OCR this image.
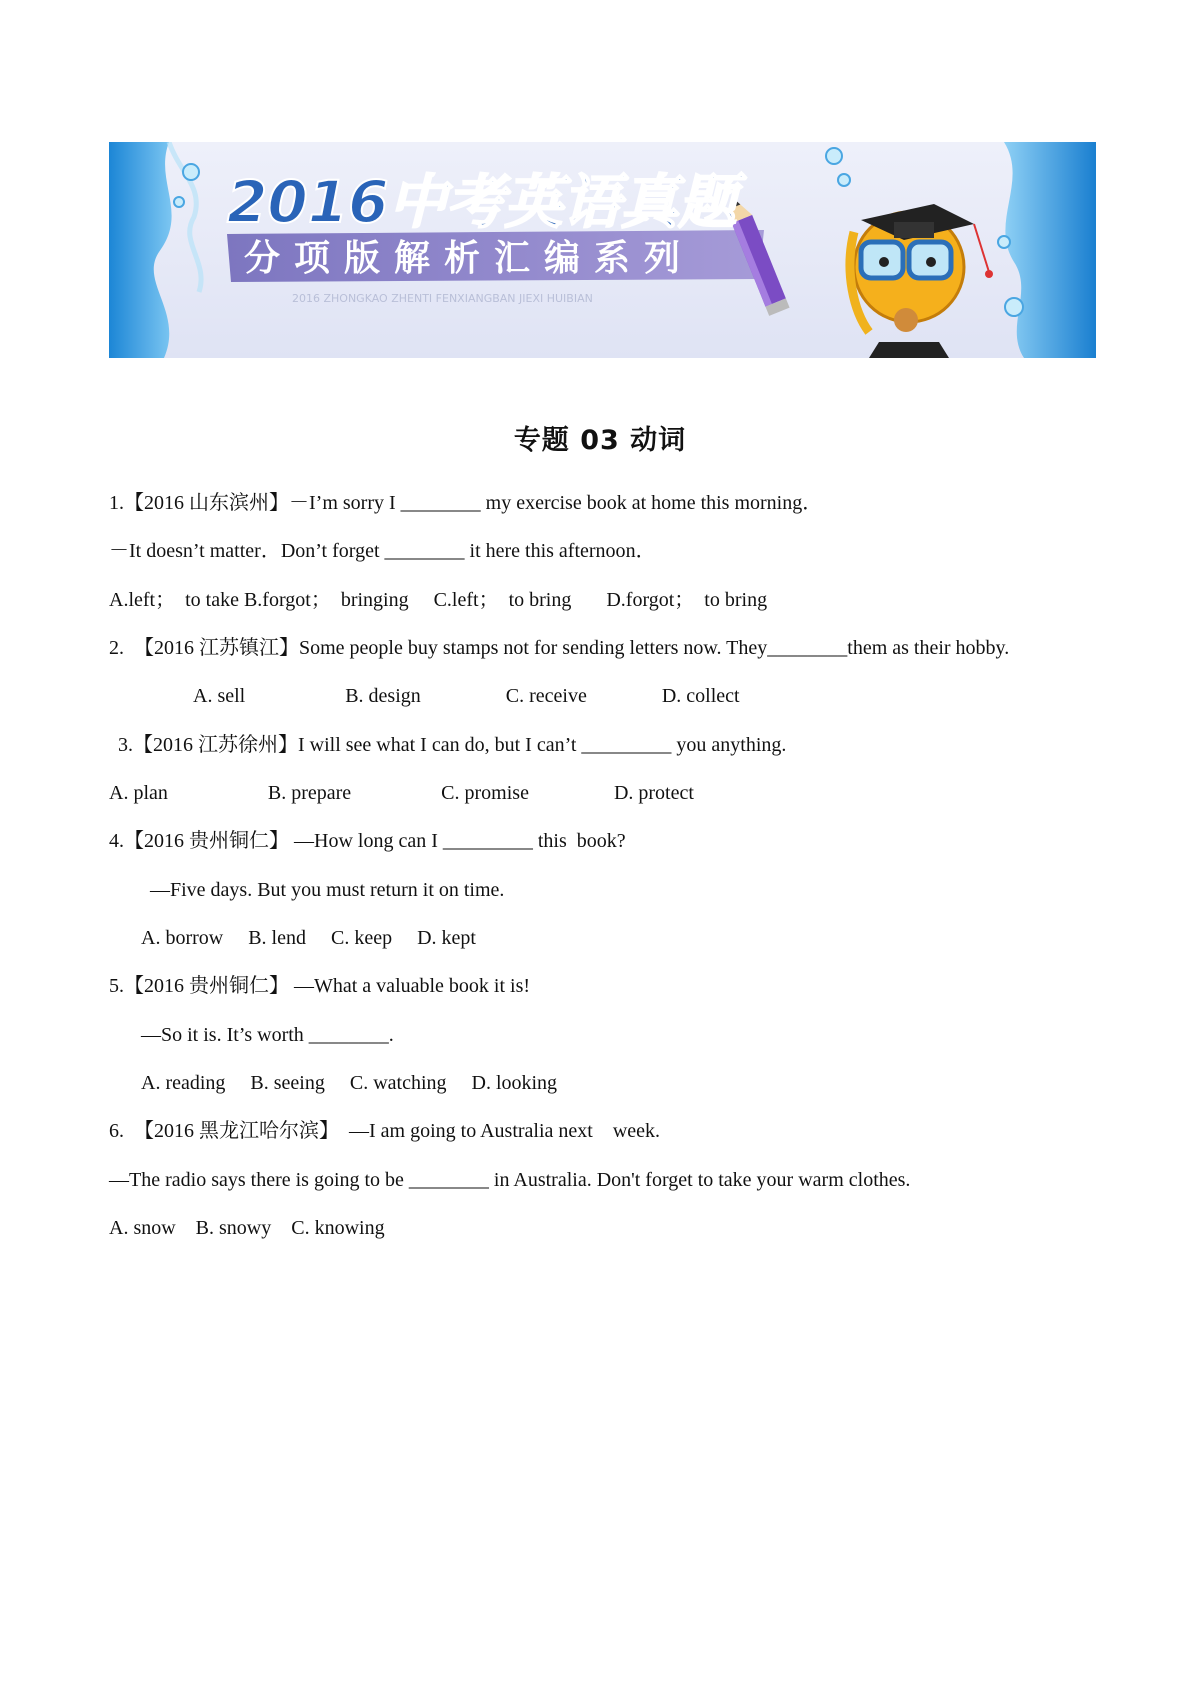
2016中考英语真题
分项版解析汇编系列
2016 ZHONGKAO ZHENTI FENXIANGBAN JIEXI HUIBIAN
专题 03 动词
1.【2016 山东滨州】－I’m sorry I ________ my exercise book at home this morning．
－It doesn’t matter．Don’t forget ________ it here this afternoon．
A.left；  to take B.forgot；  bringing     C.left；  to bring       D.forgot；  to bring
2.  【2016 江苏镇江】Some people buy stamps not for sending letters now. They________them as their hobby.
A. sell                    B. design                 C. receive               D. collect
3.【2016 江苏徐州】I will see what I can do, but I can’t _________ you anything.
A. plan                    B. prepare                  C. promise                 D. protect
4.【2016 贵州铜仁】 —How long can I _________ this  book?
—Five days. But you must return it on time.
A. borrow     B. lend     C. keep     D. kept
5.【2016 贵州铜仁】 —What a valuable book it is!
—So it is. It’s worth ________.
A. reading     B. seeing     C. watching     D. looking
6.  【2016 黑龙江哈尔滨】  —I am going to Australia next    week.
—The radio says there is going to be ________ in Australia. Don't forget to take your warm clothes.
A. snow    B. snowy    C. knowing
